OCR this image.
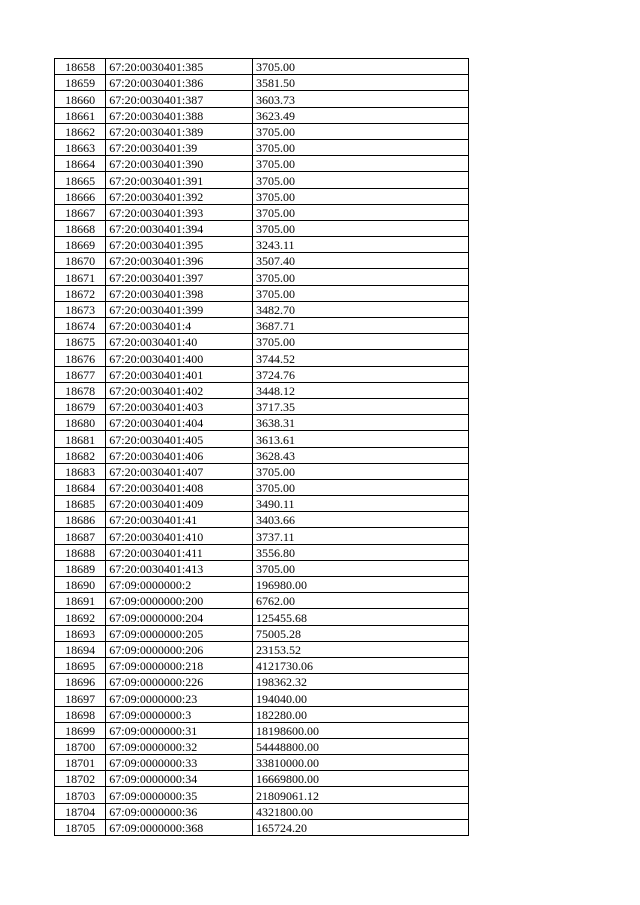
18658	67:20:0030401:385	3705.00
18659	67:20:0030401:386	3581.50
18660	67:20:0030401:387	3603.73
18661	67:20:0030401:388	3623.49
18662	67:20:0030401:389	3705.00
18663	67:20:0030401:39	3705.00
18664	67:20:0030401:390	3705.00
18665	67:20:0030401:391	3705.00
18666	67:20:0030401:392	3705.00
18667	67:20:0030401:393	3705.00
18668	67:20:0030401:394	3705.00
18669	67:20:0030401:395	3243.11
18670	67:20:0030401:396	3507.40
18671	67:20:0030401:397	3705.00
18672	67:20:0030401:398	3705.00
18673	67:20:0030401:399	3482.70
18674	67:20:0030401:4	3687.71
18675	67:20:0030401:40	3705.00
18676	67:20:0030401:400	3744.52
18677	67:20:0030401:401	3724.76
18678	67:20:0030401:402	3448.12
18679	67:20:0030401:403	3717.35
18680	67:20:0030401:404	3638.31
18681	67:20:0030401:405	3613.61
18682	67:20:0030401:406	3628.43
18683	67:20:0030401:407	3705.00
18684	67:20:0030401:408	3705.00
18685	67:20:0030401:409	3490.11
18686	67:20:0030401:41	3403.66
18687	67:20:0030401:410	3737.11
18688	67:20:0030401:411	3556.80
18689	67:20:0030401:413	3705.00
18690	67:09:0000000:2	196980.00
18691	67:09:0000000:200	6762.00
18692	67:09:0000000:204	125455.68
18693	67:09:0000000:205	75005.28
18694	67:09:0000000:206	23153.52
18695	67:09:0000000:218	4121730.06
18696	67:09:0000000:226	198362.32
18697	67:09:0000000:23	194040.00
18698	67:09:0000000:3	182280.00
18699	67:09:0000000:31	18198600.00
18700	67:09:0000000:32	54448800.00
18701	67:09:0000000:33	33810000.00
18702	67:09:0000000:34	16669800.00
18703	67:09:0000000:35	21809061.12
18704	67:09:0000000:36	4321800.00
18705	67:09:0000000:368	165724.20
